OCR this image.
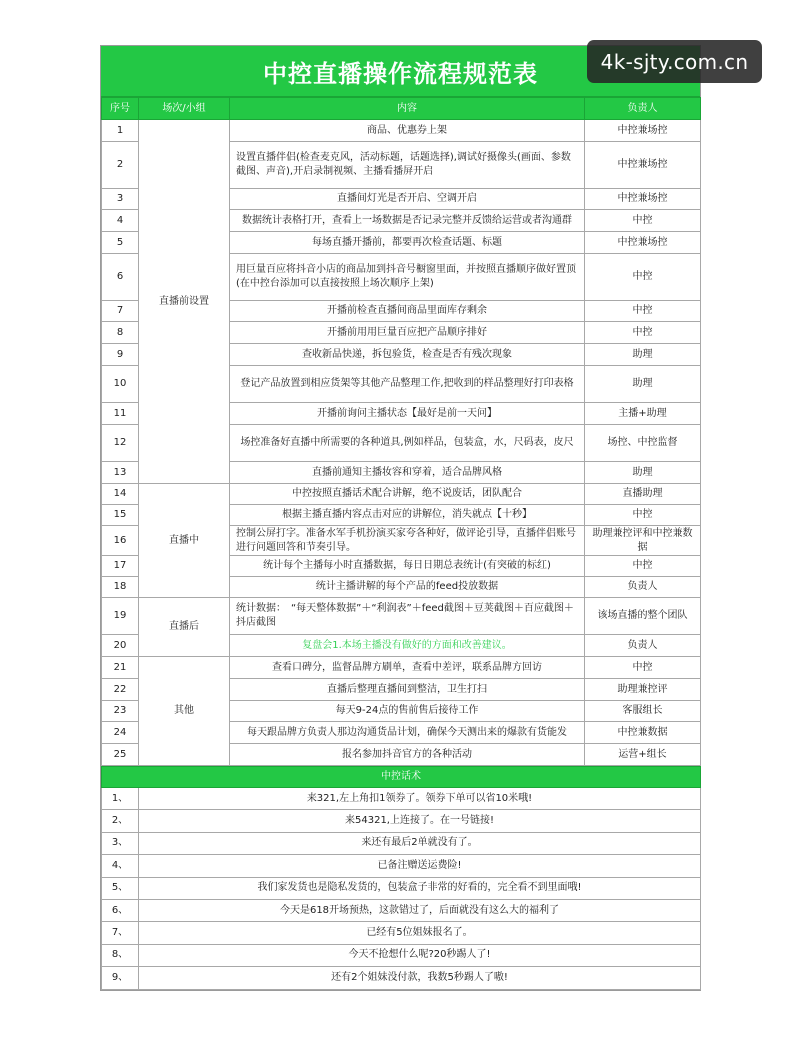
中控直播操作流程规范表
序号	场次/小组	内容	负责人
1	直播前设置	商品、优惠券上架	中控兼场控
2		设置直播伴侣(检查麦克风，活动标题，话题选择),调试好摄像头(画面、参数截图、声音),开启录制视频、主播看播屏开启	中控兼场控
3		直播间灯光是否开启、空调开启	中控兼场控
4		数据统计表格打开，查看上一场数据是否记录完整并反馈给运营或者沟通群	中控
5		每场直播开播前，都要再次检查话题、标题	中控兼场控
6		用巨量百应将抖音小店的商品加到抖音号橱窗里面，并按照直播顺序做好置顶(在中控台添加可以直接按照上场次顺序上架)	中控
7		开播前检查直播间商品里面库存剩余	中控
8		开播前用用巨量百应把产品顺序排好	中控
9		查收新品快递，拆包验货，检查是否有残次现象	助理
10		登记产品放置到相应货架等其他产品整理工作,把收到的样品整理好打印表格	助理
11		开播前询问主播状态【最好是前一天问】	主播+助理
12		场控准备好直播中所需要的各种道具,例如样品，包装盒，水，尺码表，皮尺	场控、中控监督
13		直播前通知主播妆容和穿着，适合品牌风格	助理
14	直播中	中控按照直播话术配合讲解，绝不说废话，团队配合	直播助理
15		根据主播直播内容点击对应的讲解位，消失就点【十秒】	中控
16		控制公屏打字。准备水军手机扮演买家夸各种好，做评论引导，直播伴侣账号进行问题回答和节奏引导。	助理兼控评和中控兼数据
17		统计每个主播每小时直播数据，每日日期总表统计(有突破的标红)	中控
18		统计主播讲解的每个产品的feed投放数据	负责人
19	直播后	统计数据：　“每天整体数据”＋“利润表”＋feed截图＋豆荚截图＋百应截图＋抖店截图	该场直播的整个团队
20		复盘会1.本场主播没有做好的方面和改善建议。	负责人
21	其他	查看口碑分，监督品牌方刷单，查看中差评，联系品牌方回访	中控
22		直播后整理直播间到整洁，卫生打扫	助理兼控评
23		每天9-24点的售前售后接待工作	客服组长
24		每天跟品牌方负责人那边沟通货品计划，确保今天测出来的爆款有货能发	中控兼数据
25		报名参加抖音官方的各种活动	运营+组长
中控话术	
1、	来321,左上角扣1领券了。领券下单可以省10米哦!
2、	来54321,上连接了。在一号链接!
3、	来还有最后2单就没有了。
4、	已备注赠送运费险!
5、	我们家发货也是隐私发货的，包装盒子非常的好看的，完全看不到里面哦!
6、	今天是618开场预热，这款错过了，后面就没有这么大的福利了
7、	已经有5位姐妹报名了。
8、	今天不抢想什么呢?20秒踢人了!
9、	还有2个姐妹没付款，我数5秒踢人了嗷!
4k-sjty.com.cn
